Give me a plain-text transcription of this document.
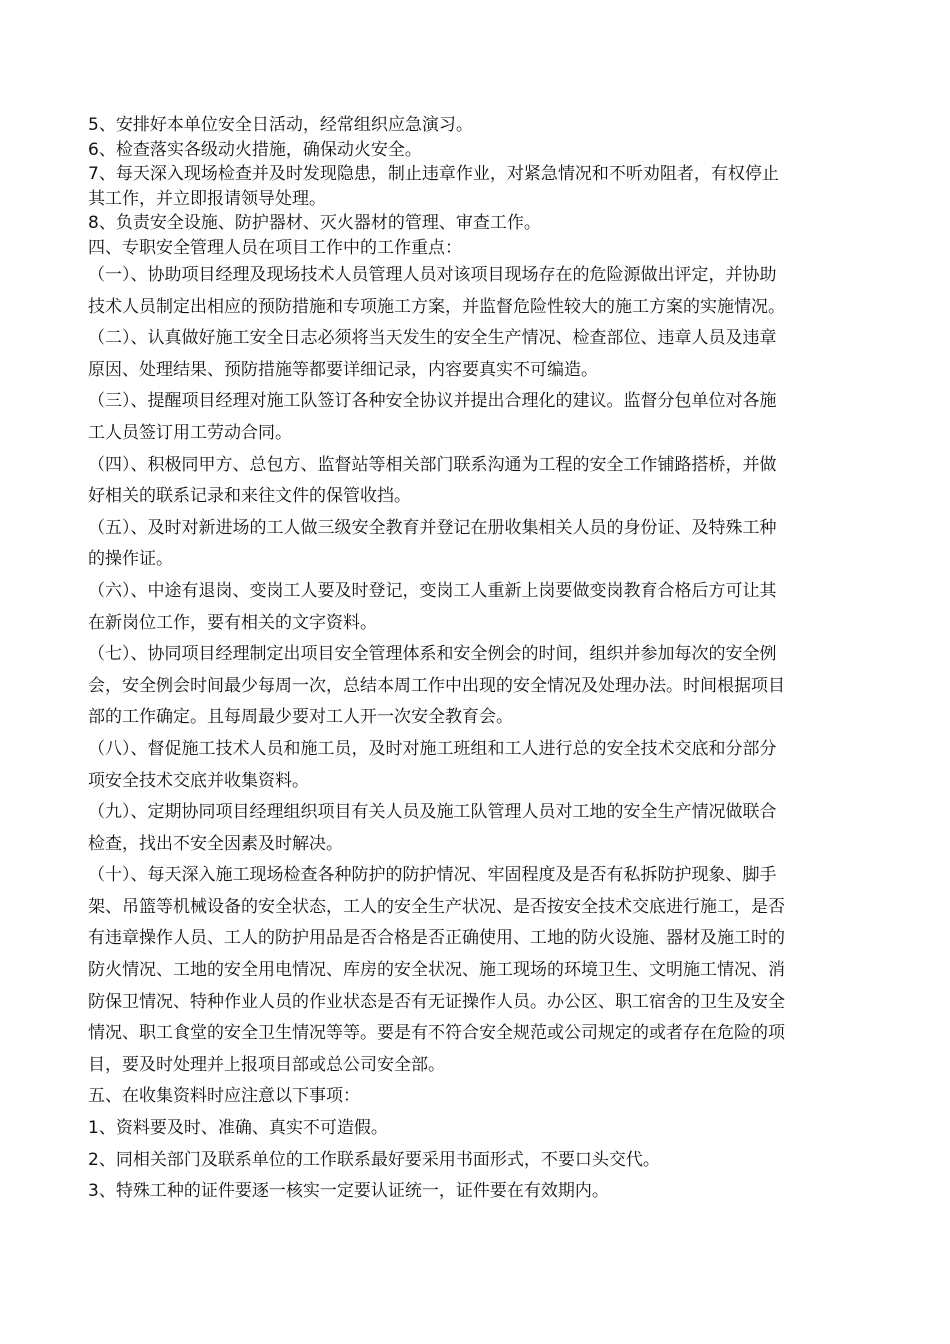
5、安排好本单位安全日活动，经常组织应急演习。

6、检查落实各级动火措施，确保动火安全。

7、每天深入现场检查并及时发现隐患，制止违章作业，对紧急情况和不听劝阻者，有权停止

其工作，并立即报请领导处理。

8、负责安全设施、防护器材、灭火器材的管理、审查工作。

四、专职安全管理人员在项目工作中的工作重点：

（一）、协助项目经理及现场技术人员管理人员对该项目现场存在的危险源做出评定，并协助

技术人员制定出相应的预防措施和专项施工方案，并监督危险性较大的施工方案的实施情况。

（二）、认真做好施工安全日志必须将当天发生的安全生产情况、检查部位、违章人员及违章

原因、处理结果、预防措施等都要详细记录，内容要真实不可编造。

（三）、提醒项目经理对施工队签订各种安全协议并提出合理化的建议。监督分包单位对各施

工人员签订用工劳动合同。

（四）、积极同甲方、总包方、监督站等相关部门联系沟通为工程的安全工作铺路搭桥，并做

好相关的联系记录和来往文件的保管收挡。

（五）、及时对新进场的工人做三级安全教育并登记在册收集相关人员的身份证、及特殊工种

的操作证。

（六）、中途有退岗、变岗工人要及时登记，变岗工人重新上岗要做变岗教育合格后方可让其

在新岗位工作，要有相关的文字资料。

（七）、协同项目经理制定出项目安全管理体系和安全例会的时间，组织并参加每次的安全例

会，安全例会时间最少每周一次，总结本周工作中出现的安全情况及处理办法。时间根据项目

部的工作确定。且每周最少要对工人开一次安全教育会。

（八）、督促施工技术人员和施工员，及时对施工班组和工人进行总的安全技术交底和分部分

项安全技术交底并收集资料。

（九）、定期协同项目经理组织项目有关人员及施工队管理人员对工地的安全生产情况做联合

检查，找出不安全因素及时解决。

（十）、每天深入施工现场检查各种防护的防护情况、牢固程度及是否有私拆防护现象、脚手

架、吊篮等机械设备的安全状态，工人的安全生产状况、是否按安全技术交底进行施工，是否

有违章操作人员、工人的防护用品是否合格是否正确使用、工地的防火设施、器材及施工时的

防火情况、工地的安全用电情况、库房的安全状况、施工现场的环境卫生、文明施工情况、消

防保卫情况、特种作业人员的作业状态是否有无证操作人员。办公区、职工宿舍的卫生及安全

情况、职工食堂的安全卫生情况等等。要是有不符合安全规范或公司规定的或者存在危险的项

目，要及时处理并上报项目部或总公司安全部。

五、在收集资料时应注意以下事项：

1、资料要及时、准确、真实不可造假。

2、同相关部门及联系单位的工作联系最好要采用书面形式，不要口头交代。

3、特殊工种的证件要逐一核实一定要认证统一，证件要在有效期内。
